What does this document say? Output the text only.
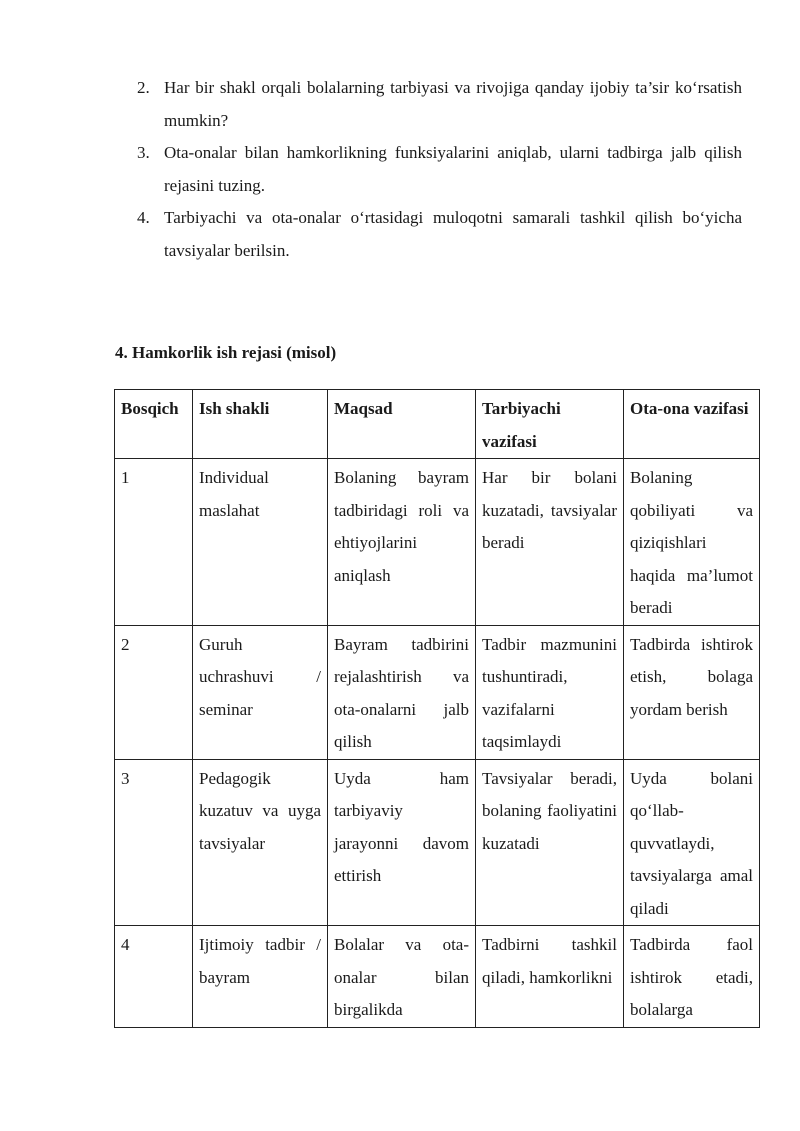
2. Har bir shakl orqali bolalarning tarbiyasi va rivojiga qanday ijobiy ta’sir ko‘rsatish mumkin?
3. Ota-onalar bilan hamkorlikning funksiyalarini aniqlab, ularni tadbirga jalb qilish rejasini tuzing.
4. Tarbiyachi va ota-onalar o‘rtasidagi muloqotni samarali tashkil qilish bo‘yicha tavsiyalar berilsin.
4. Hamkorlik ish rejasi (misol)
Bosqich	Ish shakli	Maqsad	Tarbiyachi vazifasi	Ota-ona vazifasi
1	Individual maslahat	Bolaning bayram tadbiridagi roli va ehtiyojlarini aniqlash	Har bir bolani kuzatadi, tavsiyalar beradi	Bolaning qobiliyati va qiziqishlari haqida ma’lumot beradi
2	Guruh uchrashuvi / seminar	Bayram tadbirini rejalashtirish va ota-onalarni jalb qilish	Tadbir mazmunini tushuntiradi, vazifalarni taqsimlaydi	Tadbirda ishtirok etish, bolaga yordam berish
3	Pedagogik kuzatuv va uyga tavsiyalar	Uyda ham tarbiyaviy jarayonni davom ettirish	Tavsiyalar beradi, bolaning faoliyatini kuzatadi	Uyda bolani qo‘llab-quvvatlaydi, tavsiyalarga amal qiladi
4	Ijtimoiy tadbir / bayram	Bolalar va ota-onalar bilan birgalikda	Tadbirni tashkil qiladi, hamkorlikni	Tadbirda faol ishtirok etadi, bolalarga
